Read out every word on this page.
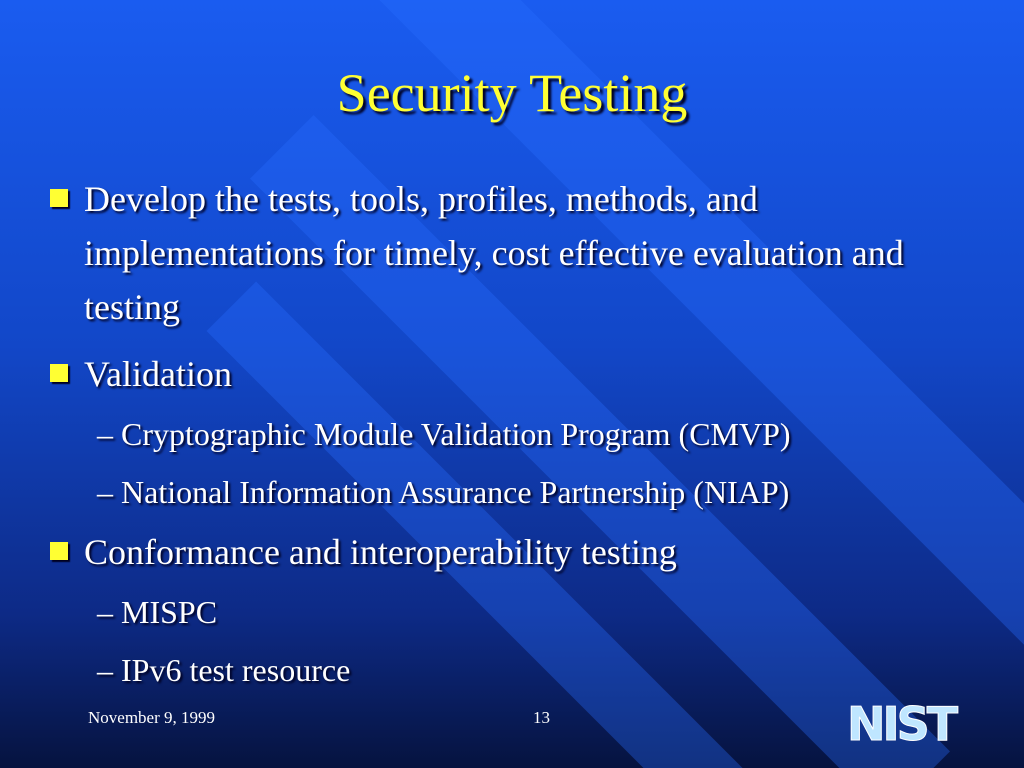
Security Testing
Develop the tests, tools, profiles, methods, and implementations for timely, cost effective evaluation and testing
Validation
– Cryptographic Module Validation Program (CMVP)
– National Information Assurance Partnership (NIAP)
Conformance and interoperability testing
– MISPC
– IPv6 test resource
November 9, 1999	13	NIST
